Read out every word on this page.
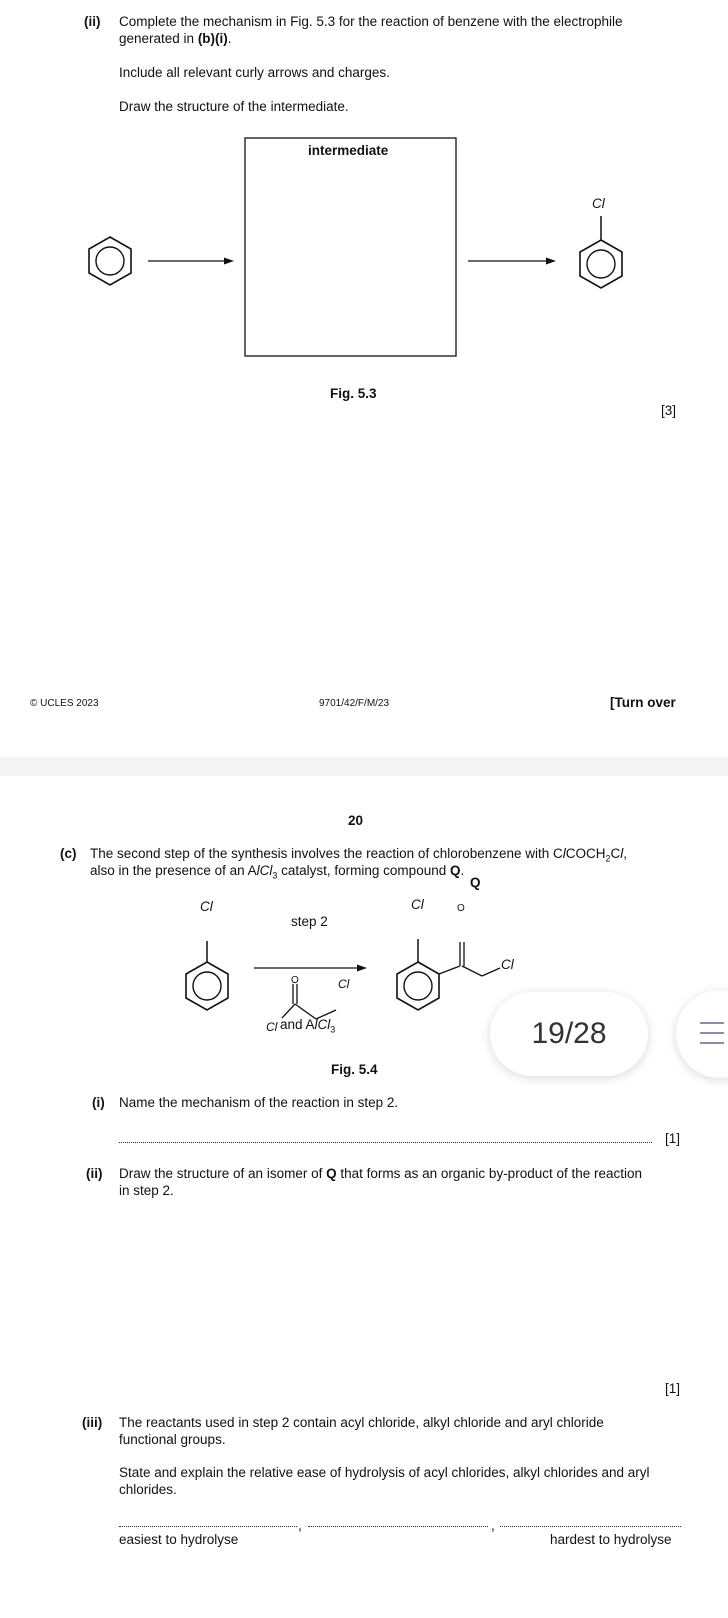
(ii) Complete the mechanism in Fig. 5.3 for the reaction of benzene with the electrophile
generated in (b)(i).
Include all relevant curly arrows and charges.
Draw the structure of the intermediate.
intermediate
Cl
Fig. 5.3
[3]
© UCLES 2023	9701/42/F/M/23	[Turn over
20
(c) The second step of the synthesis involves the reaction of chlorobenzene with ClCOCH$_2$Cl,
also in the presence of an AlCl$_3$ catalyst, forming compound Q.
Q
Cl
step 2
O	Cl
Cl and AlCl$_3$
Cl	O
Cl
Fig. 5.4
(i) Name the mechanism of the reaction in step 2.
[1]
(ii) Draw the structure of an isomer of Q that forms as an organic by-product of the reaction
in step 2.
[1]
(iii) The reactants used in step 2 contain acyl chloride, alkyl chloride and aryl chloride
functional groups.
State and explain the relative ease of hydrolysis of acyl chlorides, alkyl chlorides and aryl
chlorides.
,	,
easiest to hydrolyse	hardest to hydrolyse
19/28
